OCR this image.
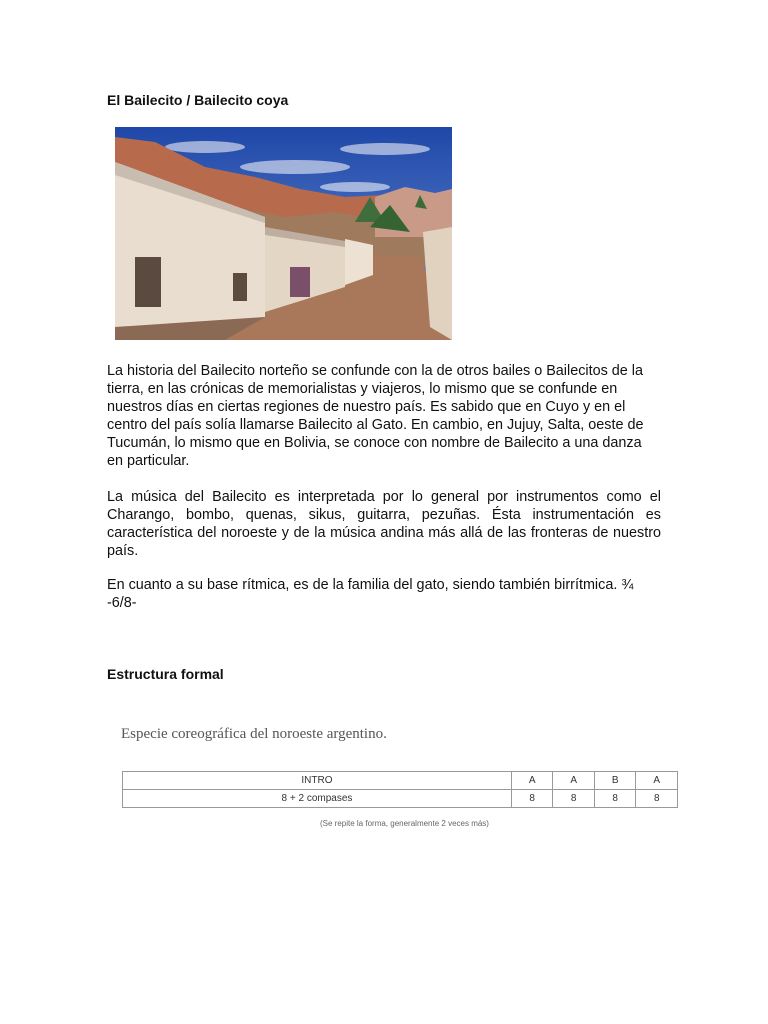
El Bailecito / Bailecito coya

La historia del Bailecito norteño se confunde con la de otros bailes o Bailecitos de la tierra, en las crónicas de memorialistas y viajeros, lo mismo que se confunde en nuestros días en ciertas regiones de nuestro país. Es sabido que en Cuyo y en el centro del país solía llamarse Bailecito al Gato. En cambio, en Jujuy, Salta, oeste de Tucumán, lo mismo que en Bolivia, se conoce con nombre de Bailecito a una danza en particular.

La música del Bailecito es interpretada por lo general por instrumentos como el Charango, bombo, quenas, sikus, guitarra, pezuñas. Ésta instrumentación es característica del noroeste y de la música andina más allá de las fronteras de nuestro país.

En cuanto a su base rítmica, es de la familia del gato, siendo también birrítmica. ¾ -6/8-

Estructura formal

Especie coreográfica del noroeste argentino.

INTRO	A	A	B	A
8 + 2 compases	8	8	8	8

(Se repite la forma, generalmente 2 veces más)
